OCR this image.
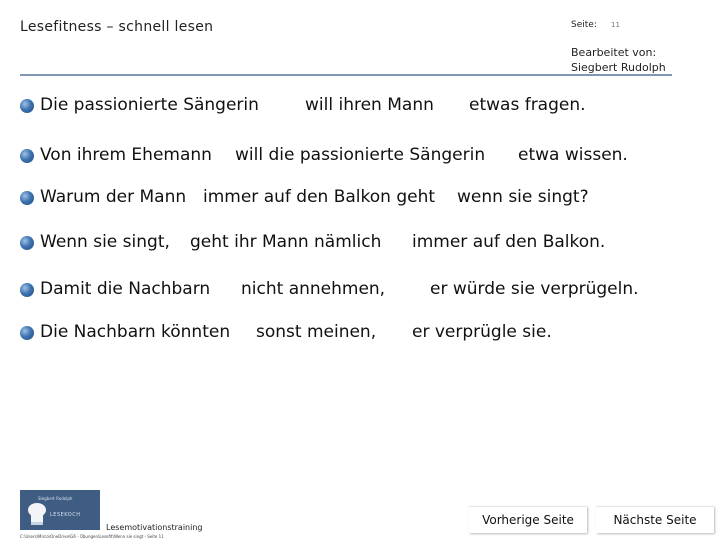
Lesefitness – schnell lesen	Seite: 11
Bearbeitet von:
Siegbert Rudolph
Die passionierte Sängerin	will ihren Mann etwas fragen.
Von ihrem Ehemann will die passionierte Sängerin etwa wissen.
Warum der Mann immer auf den Balkon geht wenn sie singt?
Wenn sie singt, geht ihr Mann nämlich immer auf den Balkon.
Damit die Nachbarn nicht annehmen,	er würde sie verprügeln.
Die Nachbarn könnten sonst meinen, er verprügle sie.
Siegbert Rudolph
LESEKOCH
Lesemotivationstraining
C:\Users\Mirco\OneDrive\G6 - Übungen\Lesefit\Wenn sie singt - Seite 11
Vorherige Seite	Nächste Seite
